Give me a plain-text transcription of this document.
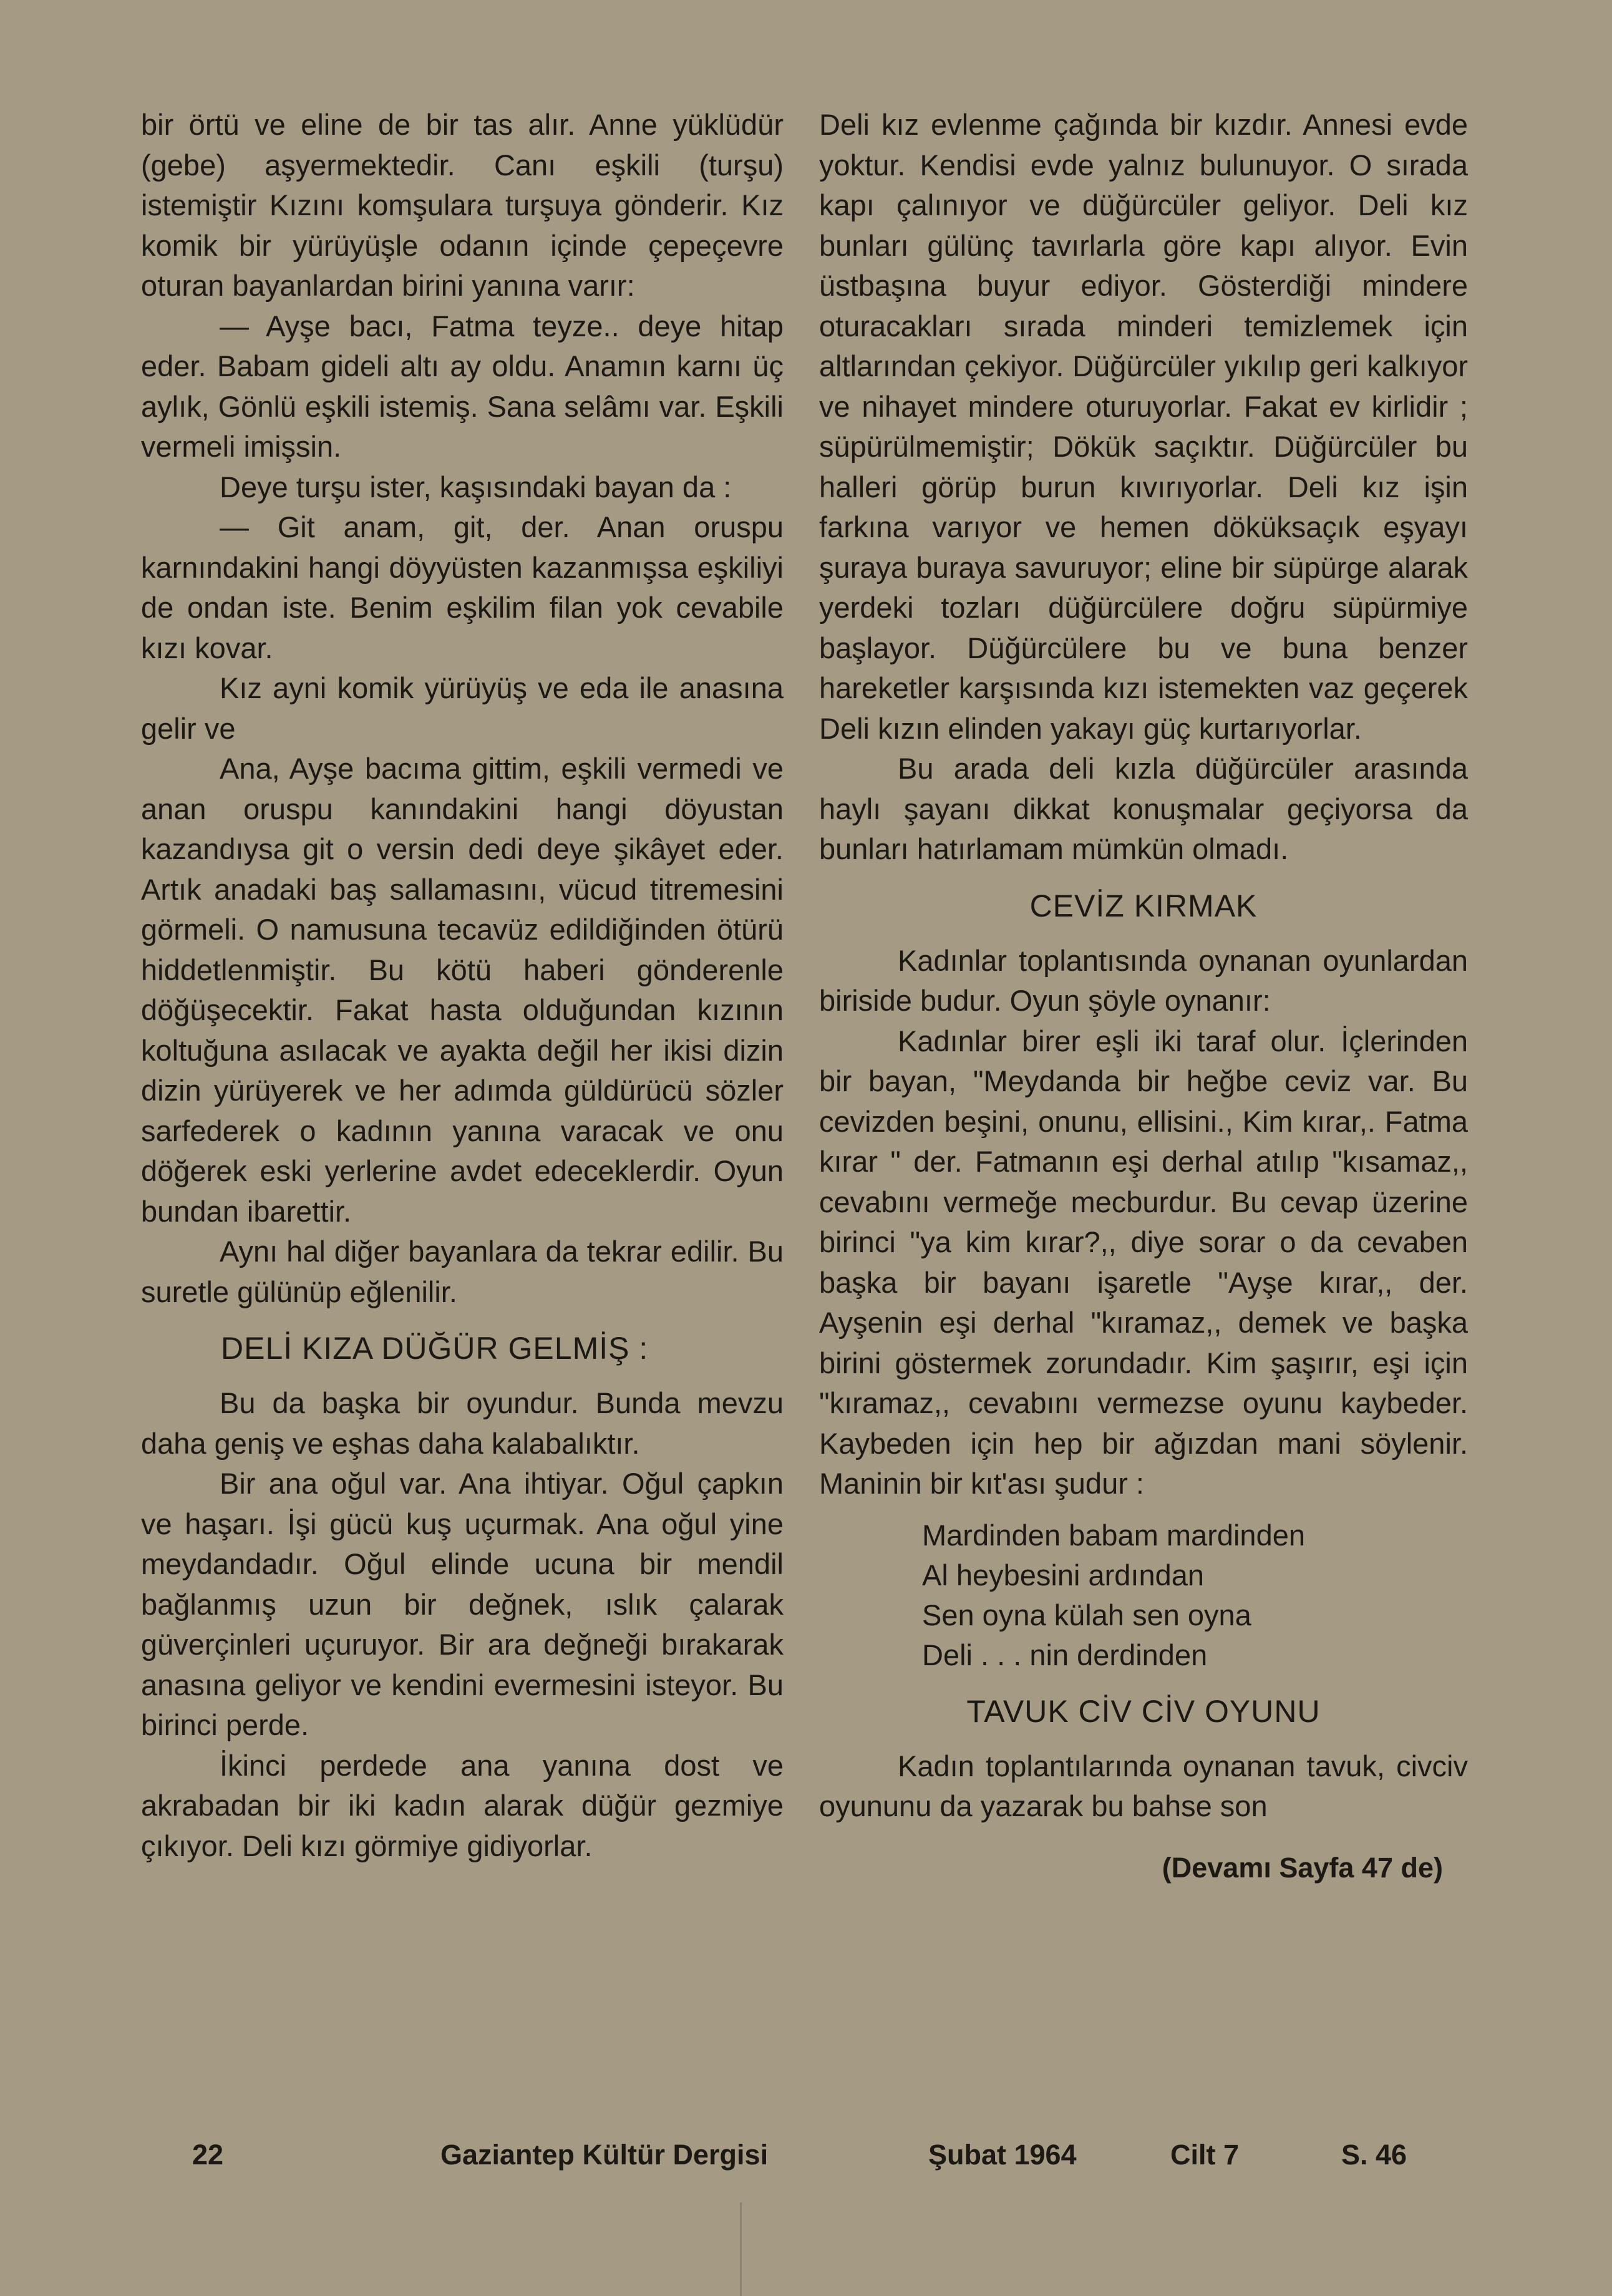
bir örtü ve eline de bir tas alır. Anne yüklüdür (gebe) aşyermektedir. Canı eşkili (turşu) istemiştir Kızını komşulara turşuya gönderir. Kız komik bir yürüyüşle odanın içinde çepeçevre oturan bayanlardan birini yanına varır:

— Ayşe bacı, Fatma teyze.. deye hitap eder. Babam gideli altı ay oldu. Anamın karnı üç aylık, Gönlü eşkili istemiş. Sana selâmı var. Eşkili vermeli imişsin.

Deye turşu ister, kaşısındaki bayan da :

— Git anam, git, der. Anan oruspu karnındakini hangi döyyüsten kazanmışsa eşkiliyi de ondan iste. Benim eşkilim filan yok cevabile kızı kovar.

Kız ayni komik yürüyüş ve eda ile anasına gelir ve

Ana, Ayşe bacıma gittim, eşkili vermedi ve anan oruspu kanındakini hangi döyustan kazandıysa git o versin dedi deye şikâyet eder. Artık anadaki baş sallamasını, vücud titremesini görmeli. O namusuna tecavüz edildiğinden ötürü hiddetlenmiştir. Bu kötü haberi gönderenle döğüşecektir. Fakat hasta olduğundan kızının koltuğuna asılacak ve ayakta değil her ikisi dizin dizin yürüyerek ve her adımda güldürücü sözler sarfederek o kadının yanına varacak ve onu döğerek eski yerlerine avdet edeceklerdir. Oyun bundan ibarettir.

Aynı hal diğer bayanlara da tekrar edilir. Bu suretle gülünüp eğlenilir.

DELİ KIZA DÜĞÜR GELMİŞ :

Bu da başka bir oyundur. Bunda mevzu daha geniş ve eşhas daha kalabalıktır.

Bir ana oğul var. Ana ihtiyar. Oğul çapkın ve haşarı. İşi gücü kuş uçurmak. Ana oğul yine meydandadır. Oğul elinde ucuna bir mendil bağlanmış uzun bir değnek, ıslık çalarak güverçinleri uçuruyor. Bir ara değneği bırakarak anasına geliyor ve kendini evermesini isteyor. Bu birinci perde.

İkinci perdede ana yanına dost ve akrabadan bir iki kadın alarak düğür gezmiye çıkıyor. Deli kızı görmiye gidiyorlar.

Deli kız evlenme çağında bir kızdır. Annesi evde yoktur. Kendisi evde yalnız bulunuyor. O sırada kapı çalınıyor ve düğürcüler geliyor. Deli kız bunları gülünç tavırlarla göre kapı alıyor. Evin üstbaşına buyur ediyor. Gösterdiği mindere oturacakları sırada minderi temizlemek için altlarından çekiyor. Düğürcüler yıkılıp geri kalkıyor ve nihayet mindere oturuyorlar. Fakat ev kirlidir ; süpürülmemiştir; Dökük saçıktır. Düğürcüler bu halleri görüp burun kıvırıyorlar. Deli kız işin farkına varıyor ve hemen döküksaçık eşyayı şuraya buraya savuruyor; eline bir süpürge alarak yerdeki tozları düğürcülere doğru süpürmiye başlayor. Düğürcülere bu ve buna benzer hareketler karşısında kızı istemekten vaz geçerek Deli kızın elinden yakayı güç kurtarıyorlar.

Bu arada deli kızla düğürcüler arasında haylı şayanı dikkat konuşmalar geçiyorsa da bunları hatırlamam mümkün olmadı.

CEVİZ KIRMAK

Kadınlar toplantısında oynanan oyunlardan biriside budur. Oyun şöyle oynanır:

Kadınlar birer eşli iki taraf olur. İçlerinden bir bayan, "Meydanda bir heğbe ceviz var. Bu cevizden beşini, onunu, ellisini., Kim kırar,. Fatma kırar " der. Fatmanın eşi derhal atılıp "kısamaz,, cevabını vermeğe mecburdur. Bu cevap üzerine birinci "ya kim kırar?,, diye sorar o da cevaben başka bir bayanı işaretle "Ayşe kırar,, der. Ayşenin eşi derhal "kıramaz,, demek ve başka birini göstermek zorundadır. Kim şaşırır, eşi için "kıramaz,, cevabını vermezse oyunu kaybeder. Kaybeden için hep bir ağızdan mani söylenir. Maninin bir kıt'ası şudur :

Mardinden babam mardinden
Al heybesini ardından
Sen oyna külah sen oyna
Deli . . . nin derdinden
TAVUK CİV CİV OYUNU

Kadın toplantılarında oynanan tavuk, civciv oyununu da yazarak bu bahse son

(Devamı Sayfa 47 de)
22	Gaziantep Kültür Dergisi	Şubat 1964	Cilt 7	S. 46
